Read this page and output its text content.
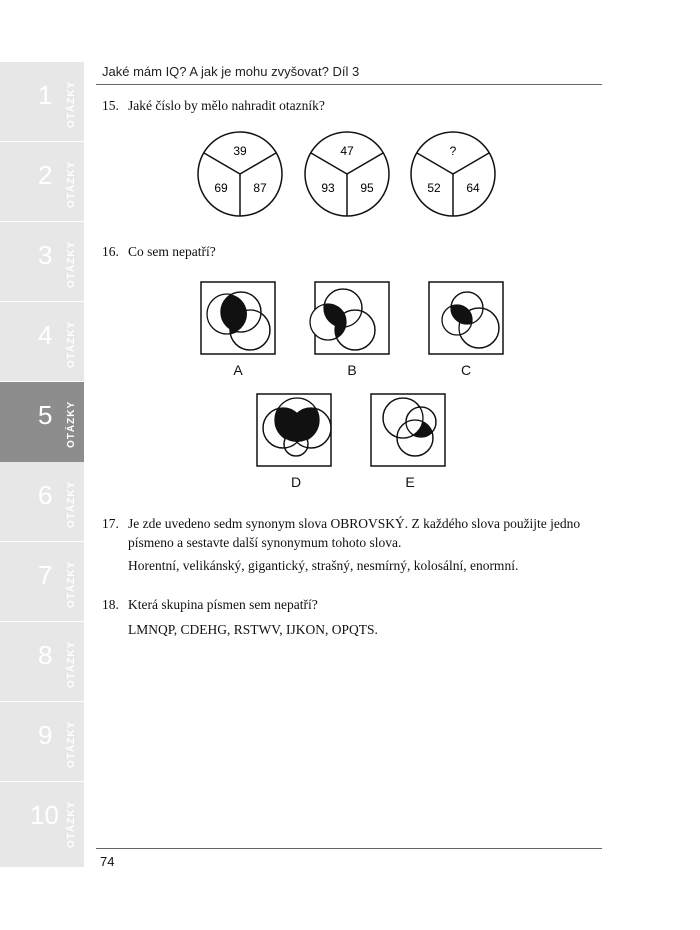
1 OTÁZKY
2 OTÁZKY
3 OTÁZKY
4 OTÁZKY
5 OTÁZKY
6 OTÁZKY
7 OTÁZKY
8 OTÁZKY
9 OTÁZKY
10 OTÁZKY
Jaké mám IQ? A jak je mohu zvyšovat? Díl 3
15. Jaké číslo by mělo nahradit otazník?
39
69 87
47
93 95
?
52 64
16. Co sem nepatří?
A	B	C
D	E
17. Je zde uvedeno sedm synonym slova OBROVSKÝ. Z každého slova použijte jedno
písmeno a sestavte další synonymum tohoto slova.
Horentní, velikánský, gigantický, strašný, nesmírný, kolosální, enormní.
18. Která skupina písmen sem nepatří?
LMNQP, CDEHG, RSTWV, IJKON, OPQTS.
74
